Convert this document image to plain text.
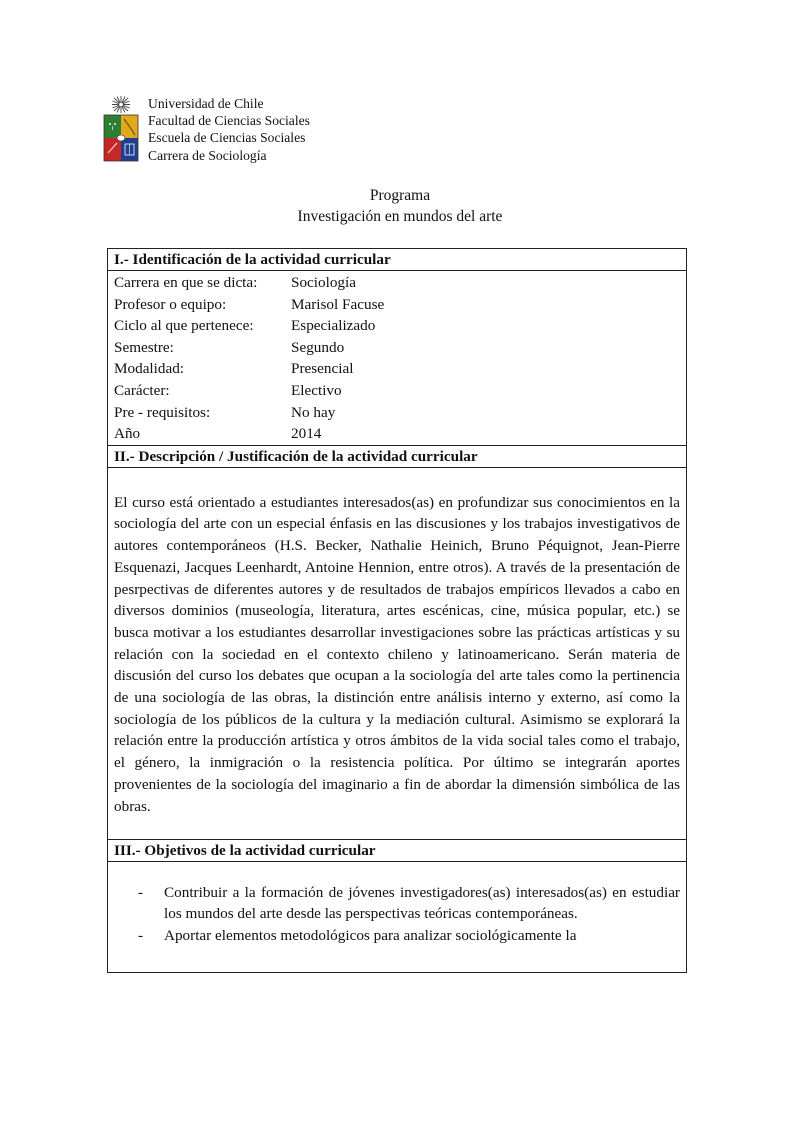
Universidad de Chile
Facultad de Ciencias Sociales
Escuela de Ciencias Sociales
Carrera de Sociología
Programa
Investigación en mundos del arte
I.- Identificación de la actividad curricular
Carrera en que se dicta:	Sociología
Profesor o equipo:	Marisol Facuse
Ciclo al que pertenece:	Especializado
Semestre:	Segundo
Modalidad:	Presencial
Carácter:	Electivo
Pre - requisitos:	No hay
Año	2014
II.- Descripción / Justificación de la actividad curricular

El curso está orientado a estudiantes interesados(as) en profundizar sus conocimientos en la sociología del arte con un especial énfasis en las discusiones y los trabajos investigativos de autores contemporáneos (H.S. Becker, Nathalie Heinich, Bruno Péquignot, Jean-Pierre Esquenazi, Jacques Leenhardt, Antoine Hennion, entre otros). A través de la presentación de pesrpectivas de diferentes autores y de resultados de trabajos empíricos llevados a cabo en diversos dominios (museología, literatura, artes escénicas, cine, música popular, etc.) se busca motivar a los estudiantes desarrollar investigaciones sobre las prácticas artísticas y su relación con la sociedad en el contexto chileno y latinoamericano. Serán materia de discusión del curso los debates que ocupan a la sociología del arte tales como la pertinencia de una sociología de las obras, la distinción entre análisis interno y externo, así como la sociología de los públicos de la cultura y la mediación cultural. Asimismo se explorará la relación entre la producción artística y otros ámbitos de la vida social tales como el trabajo, el género, la inmigración o la resistencia política. Por último se integrarán aportes provenientes de la sociología del imaginario a fin de abordar la dimensión simbólica de las obras.

III.- Objetivos de la actividad curricular
- Contribuir a la formación de jóvenes investigadores(as) interesados(as) en estudiar los mundos del arte desde las perspectivas teóricas contemporáneas.
- Aportar elementos metodológicos para analizar sociológicamente la
